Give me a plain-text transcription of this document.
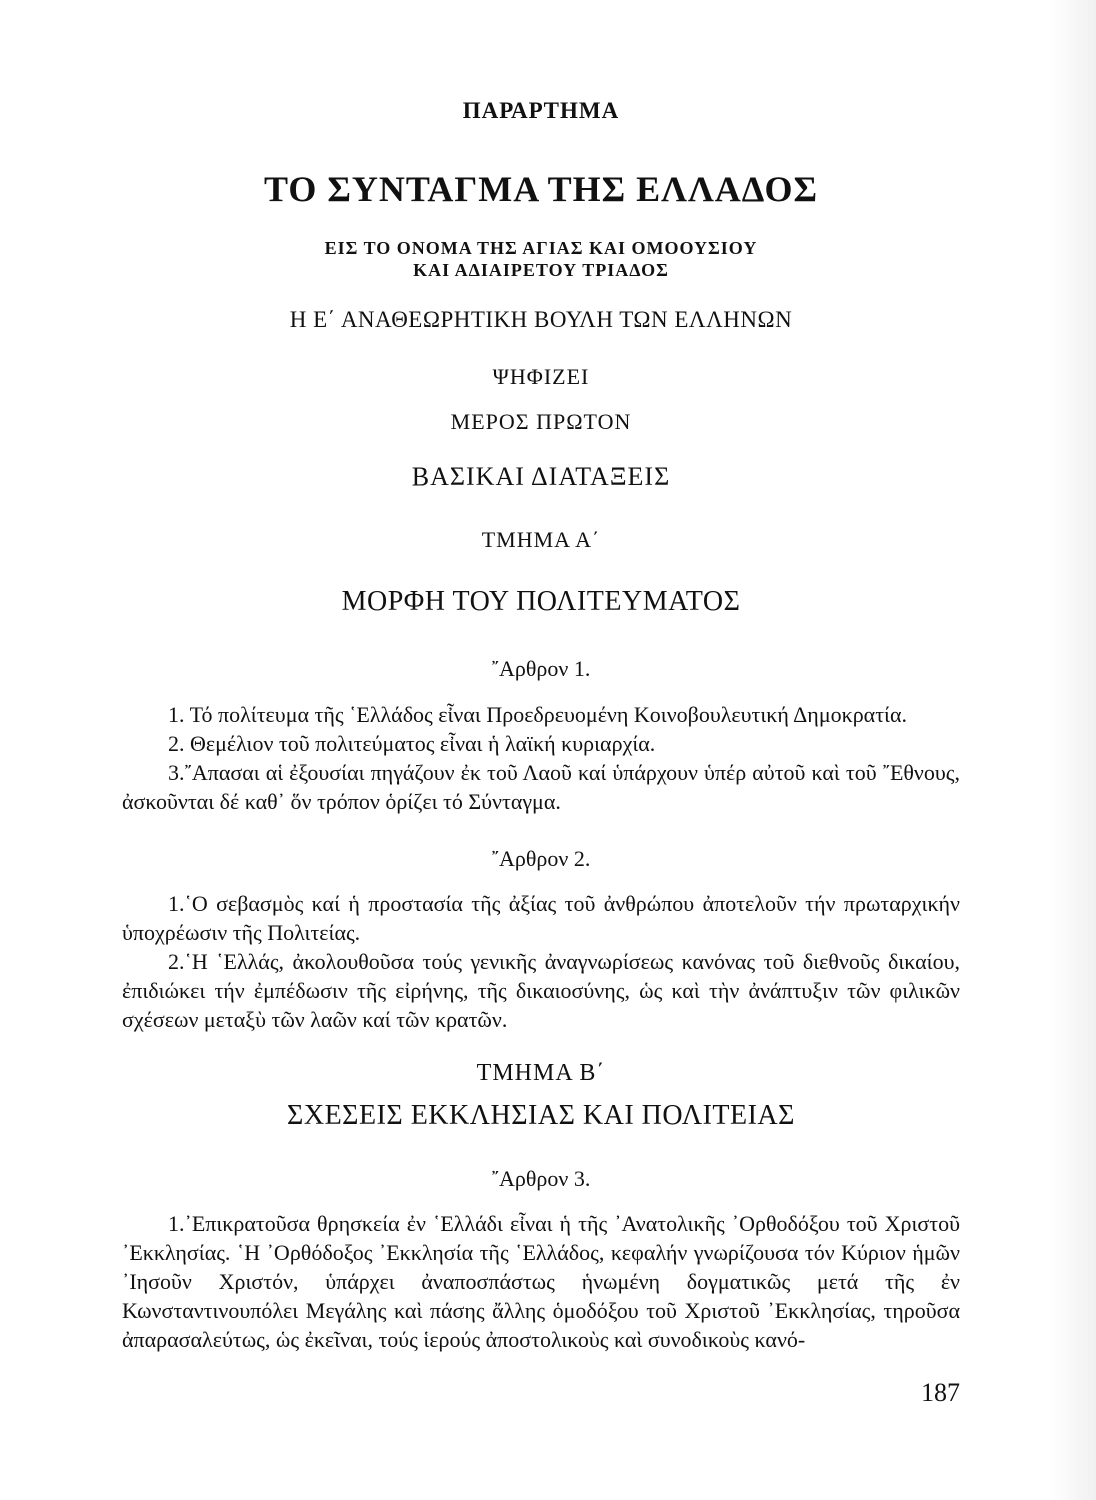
ΠΑΡΑΡΤΗΜΑ
ΤΟ ΣΥΝΤΑΓΜΑ ΤΗΣ ΕΛΛΑΔΟΣ
ΕΙΣ ΤΟ ΟΝΟΜΑ ΤΗΣ ΑΓΙΑΣ ΚΑΙ ΟΜΟΟΥΣΙΟΥ
ΚΑΙ ΑΔΙΑΙΡΕΤΟΥ ΤΡΙΑΔΟΣ
Η Ε΄ ΑΝΑΘΕΩΡΗΤΙΚΗ ΒΟΥΛΗ ΤΩΝ ΕΛΛΗΝΩΝ
ΨΗΦΙΖΕΙ
ΜΕΡΟΣ ΠΡΩΤΟΝ
ΒΑΣΙΚΑΙ ΔΙΑΤΑΞΕΙΣ
ΤΜΗΜΑ Α΄
ΜΟΡΦΗ ΤΟΥ ΠΟΛΙΤΕΥΜΑΤΟΣ
῎Αρθρον 1.

1. Τό πολίτευμα τῆς ῾Ελλάδος εἶναι Προεδρευομένη Κοινοβουλευτική Δημοκρατία.

2. Θεμέλιον τοῦ πολιτεύματος εἶναι ἡ λαϊκή κυριαρχία.

3.῎Απασαι αἱ ἐξουσίαι πηγάζουν ἐκ τοῦ Λαοῦ καί ὑπάρχουν ὑπέρ αὐτοῦ καὶ τοῦ ῎Εθνους, ἀσκοῦνται δέ καθ᾽ ὅν τρόπον ὁρίζει τό Σύνταγμα.

῎Αρθρον 2.

1.῾Ο σεβασμὸς καί ἡ προστασία τῆς ἀξίας τοῦ ἀνθρώπου ἀποτελοῦν τήν πρωταρχικήν ὑποχρέωσιν τῆς Πολιτείας.

2.῾Η ῾Ελλάς, ἀκολουθοῦσα τούς γενικῆς ἀναγνωρίσεως κανόνας τοῦ διεθνοῦς δικαίου, ἐπιδιώκει τήν ἐμπέδωσιν τῆς εἰρήνης, τῆς δικαιοσύνης, ὡς καὶ τὴν ἀνάπτυξιν τῶν φιλικῶν σχέσεων μεταξὺ τῶν λαῶν καί τῶν κρατῶν.

ΤΜΗΜΑ Β΄
ΣΧΕΣΕΙΣ ΕΚΚΛΗΣΙΑΣ ΚΑΙ ΠΟΛΙΤΕΙΑΣ
῎Αρθρον 3.

1.᾿Επικρατοῦσα θρησκεία ἐν ῾Ελλάδι εἶναι ἡ τῆς ᾿Ανατολικῆς ᾿Ορθοδόξου τοῦ Χριστοῦ ᾿Εκκλησίας. ῾Η ᾿Ορθόδοξος ᾿Εκκλησία τῆς ῾Ελλάδος, κεφαλήν γνωρίζουσα τόν Κύριον ἡμῶν ᾿Ιησοῦν Χριστόν, ὑπάρχει ἀναποσπάστως ἡνωμένη δογματικῶς μετά τῆς ἐν Κωνσταντινουπόλει Μεγάλης καὶ πάσης ἄλλης ὁμοδόξου τοῦ Χριστοῦ ᾿Εκκλησίας, τηροῦσα ἀπαρασαλεύτως, ὡς ἐκεῖναι, τούς ἱερούς ἀποστολικοὺς καὶ συνοδικοὺς κανό-

187
